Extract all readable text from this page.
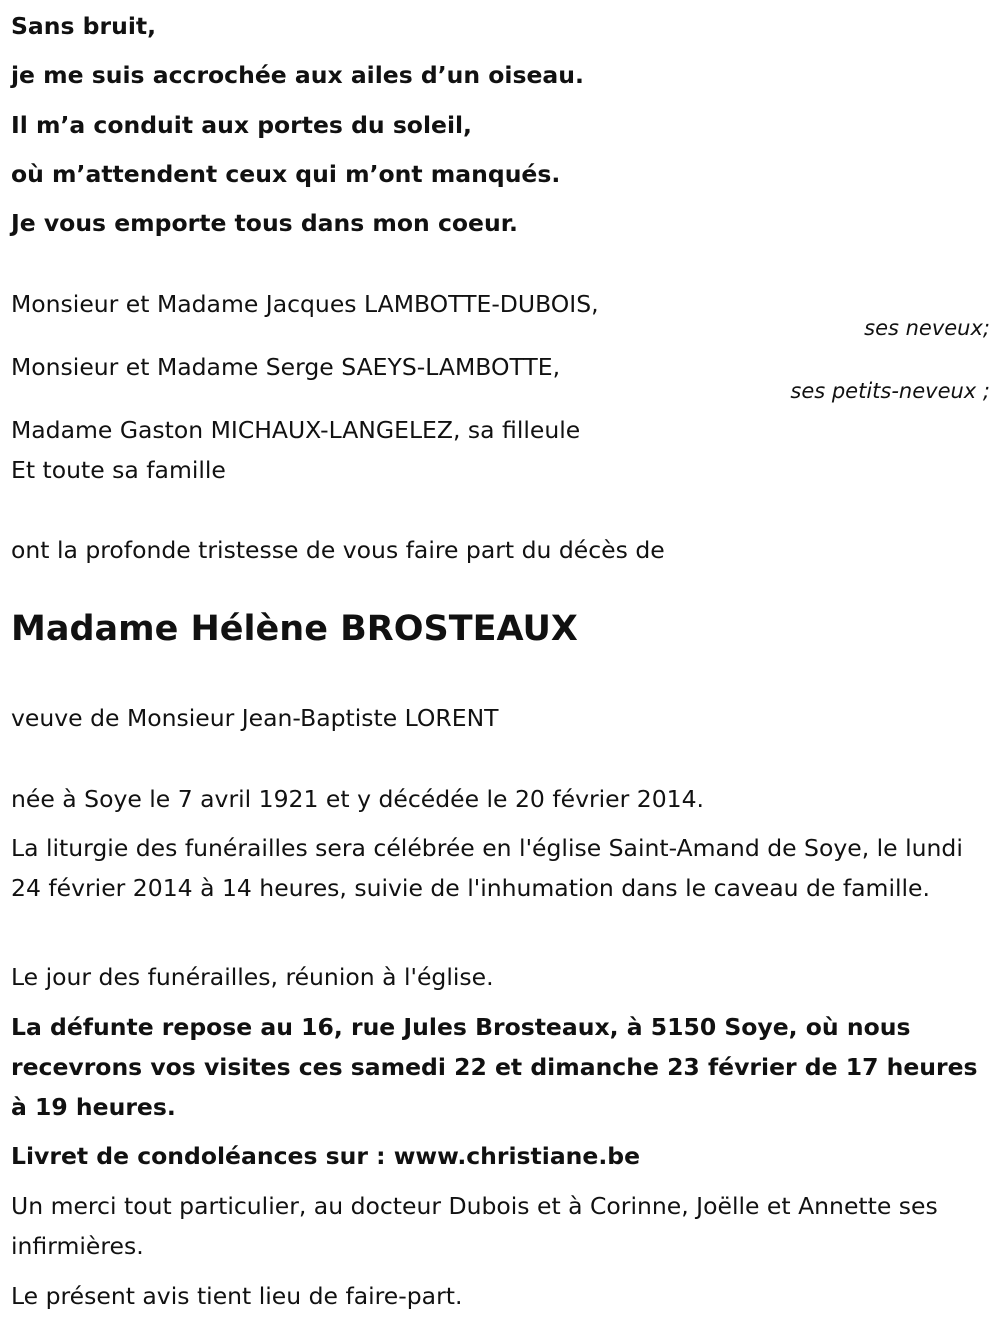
Sans bruit,
je me suis accrochée aux ailes d’un oiseau.
Il m’a conduit aux portes du soleil,
où m’attendent ceux qui m’ont manqués.
Je vous emporte tous dans mon coeur.
Monsieur et Madame Jacques LAMBOTTE-DUBOIS,
ses neveux;
Monsieur et Madame Serge SAEYS-LAMBOTTE,
ses petits-neveux ;
Madame Gaston MICHAUX-LANGELEZ, sa filleule
Et toute sa famille
ont la profonde tristesse de vous faire part du décès de
Madame Hélène BROSTEAUX
veuve de Monsieur Jean-Baptiste LORENT
née à Soye le 7 avril 1921 et y décédée le 20 février 2014.
La liturgie des funérailles sera célébrée en l'église Saint-Amand de Soye, le lundi 24 février 2014 à 14 heures, suivie de l'inhumation dans le caveau de famille.
Le jour des funérailles, réunion à l'église.
La défunte repose au 16, rue Jules Brosteaux, à 5150 Soye, où nous recevrons vos visites ces samedi 22 et dimanche 23 février de 17 heures à 19 heures.
Livret de condoléances sur : www.christiane.be
Un merci tout particulier, au docteur Dubois et à Corinne, Joëlle et Annette ses infirmières.
Le présent avis tient lieu de faire-part.
